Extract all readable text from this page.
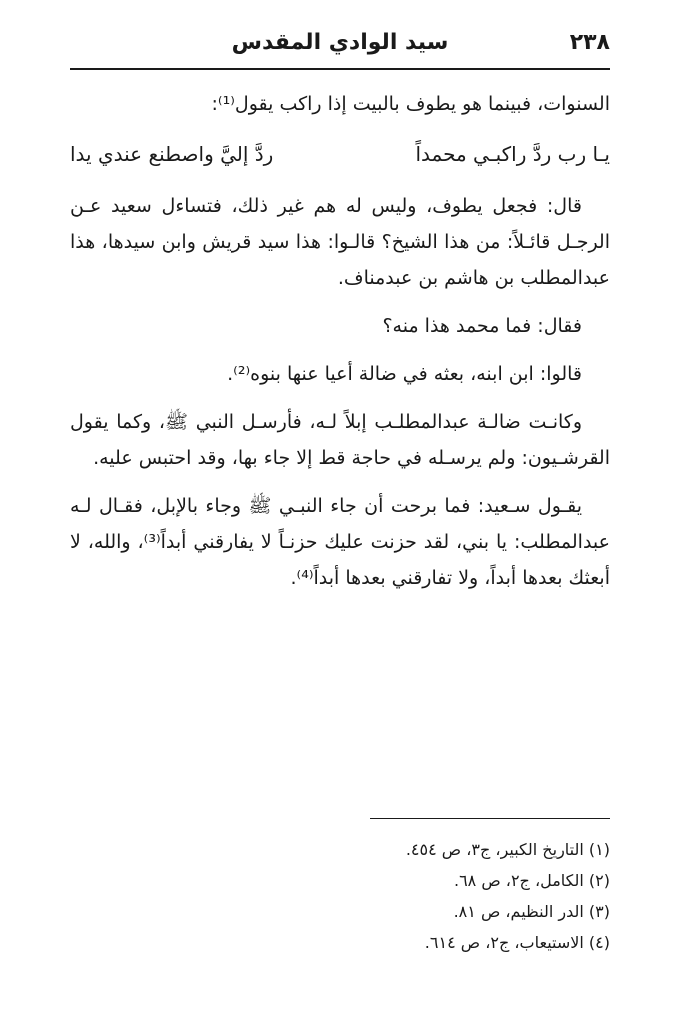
٢٣٨
سيد الوادي المقدس

السنوات، فبينما هو يطوف بالبيت إذا راكب يقول⁽¹⁾:

يـا رب ردَّ راكبـي محمداً
ردَّ إليَّ واصطنع عندي يدا

قال: فجعل يطوف، وليس له هم غير ذلك، فتساءل سعيد عـن الرجـل قائـلاً: من هذا الشيخ؟ قالـوا: هذا سيد قريش وابن سيدها، هذا عبدالمطلب بن هاشم بن عبدمناف.

فقال: فما محمد هذا منه؟

قالوا: ابن ابنه، بعثه في ضالة أعيا عنها بنوه⁽²⁾.

وكانـت ضالـة عبدالمطلـب إبلاً لـه، فأرسـل النبي ﷺ، وكما يقول القرشـيون: ولم يرسـله في حاجة قط إلا جاء بها، وقد احتبس عليه.

يقـول سـعيد: فما برحت أن جاء النبـي ﷺ وجاء بالإبل، فقـال لـه عبدالمطلب: يا بني، لقد حزنت عليك حزنـاً لا يفارقني أبداً⁽³⁾، والله، لا أبعثك بعدها أبداً، ولا تفارقني بعدها أبداً⁽⁴⁾.

(١) التاريخ الكبير، ج٣، ص ٤٥٤.
(٢) الكامل، ج٢، ص ٦٨.
(٣) الدر النظيم، ص ٨١.
(٤) الاستيعاب، ج٢، ص ٦١٤.
